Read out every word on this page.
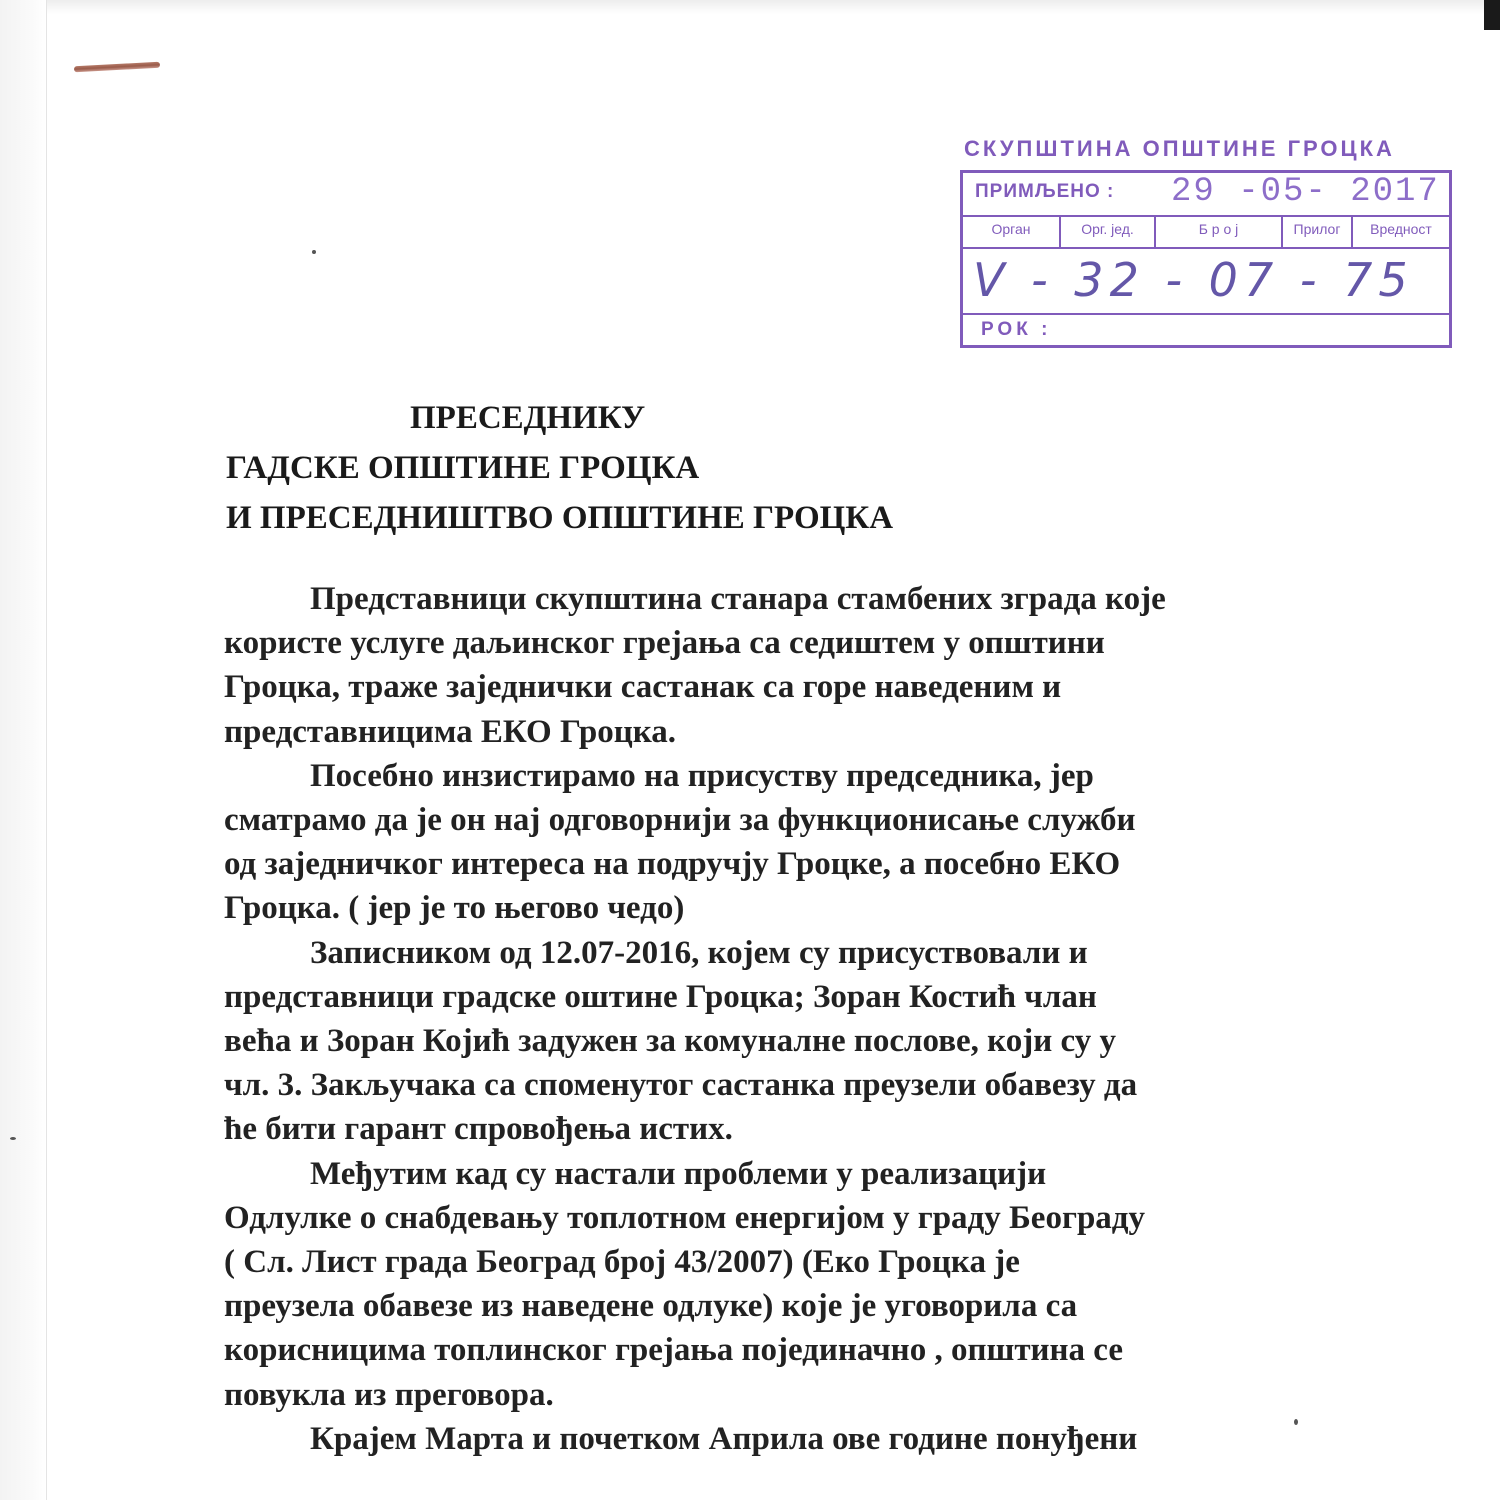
СКУПШТИНА ОПШТИНЕ ГРОЦКА
ПРИМЉЕНО : 29 -05- 2017
Орган	Орг. јед.	Б р о ј	Прилог	Вредност
V - 32 - 07 - 75
РОК :
ПРЕСЕДНИКУ
ГАДСКЕ ОПШТИНЕ ГРОЦКА
И ПРЕСЕДНИШТВО ОПШТИНЕ ГРОЦКА

Представници скупштина станара стамбених зграда које
користе услуге даљинског грејања са седиштем у општини
Гроцка, траже заједнички састанак са горе наведеним и
представницима ЕКО Гроцка.

Посебно инзистирамо на присуству председника, јер
сматрамо да је он нај одговорнији за функционисање служби
од заједничког интереса на подручју Гроцке, а посебно ЕКО
Гроцка. ( јер је то његово чедо)

Записником од 12.07-2016, којем су присуствовали и
представници градске оштине Гроцка; Зоран Костић члан
већа и Зоран Којић задужен за комуналне послове, који су у
чл. 3. Закључака са споменутог састанка преузели обавезу да
ће бити гарант спровођења истих.

Међутим кад су настали проблеми у реализацији
Одлулке о снабдевању топлотном енергијом у граду Београду
( Сл. Лист града Београд број 43/2007) (Еко Гроцка је
преузела обавезе из наведене одлуке) које је уговорила са
корисницима топлинског грејања појединачно , општина се
повукла из преговора.

Крајем Марта и почетком Априла ове године понуђени
